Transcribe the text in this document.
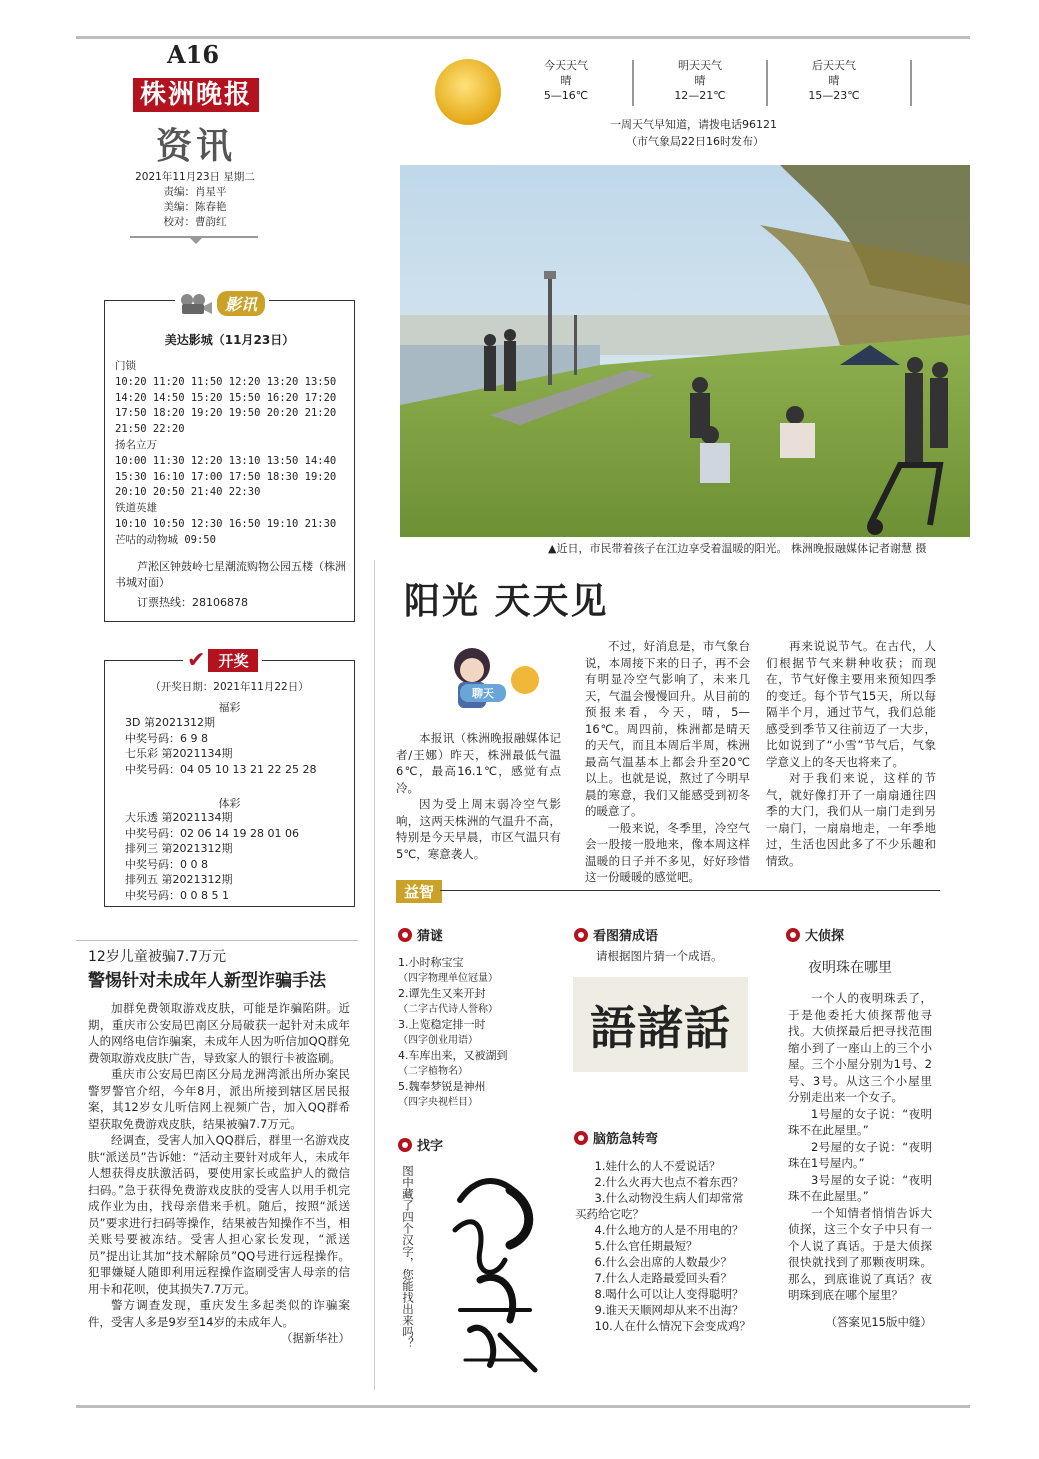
A16
株洲晚报
资讯
2021年11月23日 星期二
责编：肖星平
美编：陈春艳
校对：曹韵红
今天天气
晴
5—16℃
明天天气
晴
12—21℃
后天天气
晴
15—23℃
一周天气早知道，请拨电话96121
（市气象局22日16时发布）
▲近日，市民带着孩子在江边享受着温暖的阳光。 株洲晚报融媒体记者谢慧 摄
影讯
美达影城（11月23日）
门锁
10:20 11:20 11:50 12:20 13:20 13:50
14:20 14:50 15:20 15:50 16:20 17:20
17:50 18:20 19:20 19:50 20:20 21:20
21:50 22:20
扬名立万
10:00 11:30 12:20 13:10 13:50 14:40
15:30 16:10 17:00 17:50 18:30 19:20
20:10 20:50 21:40 22:30
铁道英雄
10:10 10:50 12:30 16:50 19:10 21:30
芒咕的动物城 09:50
芦淞区钟鼓岭七星潮流购物公园五楼（株洲书城对面）
订票热线：28106878
✔ 开奖
（开奖日期：2021年11月22日）
福彩
3D 第2021312期
中奖号码：6 9 8
七乐彩 第2021134期
中奖号码：04 05 10 13 21 22 25 28
体彩
大乐透 第2021134期
中奖号码：02 06 14 19 28 01 06
排列三 第2021312期
中奖号码：0 0 8
排列五 第2021312期
中奖号码：0 0 8 5 1
12岁儿童被骗7.7万元
警惕针对未成年人新型诈骗手法

加群免费领取游戏皮肤，可能是诈骗陷阱。近期，重庆市公安局巴南区分局破获一起针对未成年人的网络电信诈骗案，未成年人因为听信加QQ群免费领取游戏皮肤广告，导致家人的银行卡被盗刷。

重庆市公安局巴南区分局龙洲湾派出所办案民警罗警官介绍，今年8月，派出所接到辖区居民报案，其12岁女儿听信网上视频广告，加入QQ群希望获取免费游戏皮肤，结果被骗7.7万元。

经调查，受害人加入QQ群后，群里一名游戏皮肤“派送员”告诉她：“活动主要针对成年人，未成年人想获得皮肤激活码，要使用家长或监护人的微信扫码。”急于获得免费游戏皮肤的受害人以用手机完成作业为由，找母亲借来手机。随后，按照“派送员”要求进行扫码等操作，结果被告知操作不当，相关账号要被冻结。受害人担心家长发现，“派送员”提出让其加“技术解除员”QQ号进行远程操作。犯罪嫌疑人随即利用远程操作盗刷受害人母亲的信用卡和花呗，使其损失7.7万元。

警方调查发现，重庆发生多起类似的诈骗案件，受害人多是9岁至14岁的未成年人。

（据新华社）
阳光 天天见
聊天

本报讯（株洲晚报融媒体记者/王娜）昨天，株洲最低气温6℃，最高16.1℃，感觉有点冷。

因为受上周末弱冷空气影响，这两天株洲的气温升不高，特别是今天早晨，市区气温只有5℃，寒意袭人。

不过，好消息是，市气象台说，本周接下来的日子，再不会有明显冷空气影响了，未来几天，气温会慢慢回升。从目前的预报来看，今天，晴，5—16℃。周四前，株洲都是晴天的天气，而且本周后半周，株洲最高气温基本上都会升至20℃以上。也就是说，熬过了今明早晨的寒意，我们又能感受到初冬的暖意了。

一般来说，冬季里，冷空气会一股接一股地来，像本周这样温暖的日子并不多见，好好珍惜这一份暖暖的感觉吧。

再来说说节气。在古代，人们根据节气来耕种收获；而现在，节气好像主要用来预知四季的变迁。每个节气15天，所以每隔半个月，通过节气，我们总能感受到季节又往前迈了一大步，比如说到了“小雪”节气后，气象学意义上的冬天也将来了。

对于我们来说，这样的节气，就好像打开了一扇扇通往四季的大门，我们从一扇门走到另一扇门，一扇扇地走，一年季地过，生活也因此多了不少乐趣和情致。

益智
猜谜
1.小时称宝宝
（四字物理单位冠量）
2.谭先生又来开封
（二字古代诗人誉称）
3.上览稳定排一时
（四字创业用语）
4.车库出来，又被湖到
（二字植物名）
5.魏奉梦锐是神州
（四字央视栏目）
找字
图中藏了四个汉字，您能找出来吗？
看图猜成语
请根据图片猜一个成语。
語諸話
脑筋急转弯
1.娃什么的人不爱说话？
2.什么火再大也点不着东西？
3.什么动物没生病人们却常常买药给它吃？
4.什么地方的人是不用电的？
5.什么官任期最短？
6.什么会出席的人数最少？
7.什么人走路最爱回头看？
8.喝什么可以让人变得聪明？
9.谁天天顺网却从来不出海？
10.人在什么情况下会变成鸡？
大侦探
夜明珠在哪里

一个人的夜明珠丢了，于是他委托大侦探帮他寻找。大侦探最后把寻找范围缩小到了一座山上的三个小屋。三个小屋分别为1号、2号、3号。从这三个小屋里分别走出来一个女子。

1号屋的女子说：“夜明珠不在此屋里。”

2号屋的女子说：“夜明珠在1号屋内。”

3号屋的女子说：“夜明珠不在此屋里。”

一个知情者悄悄告诉大侦探，这三个女子中只有一个人说了真话。于是大侦探很快就找到了那颗夜明珠。那么，到底谁说了真话？夜明珠到底在哪个屋里？

（答案见15版中缝）
